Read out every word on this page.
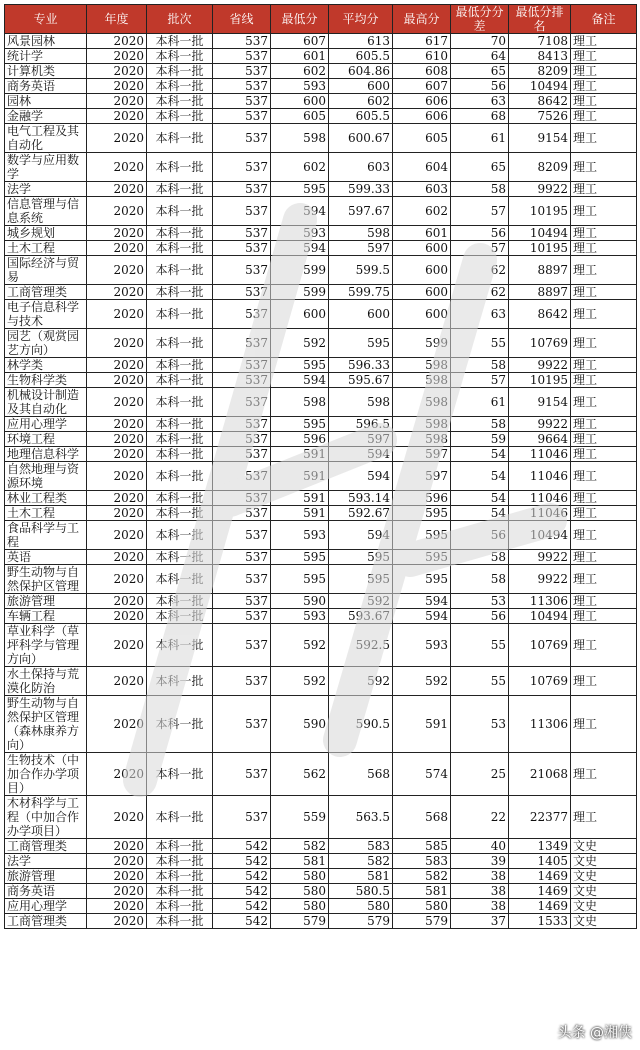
专业	年度	批次	省线	最低分	平均分	最高分	最低分分差	最低分排名	备注
风景园林	2020	本科一批	537	607	613	617	70	7108	理工
统计学	2020	本科一批	537	601	605.5	610	64	8413	理工
计算机类	2020	本科一批	537	602	604.86	608	65	8209	理工
商务英语	2020	本科一批	537	593	600	607	56	10494	理工
园林	2020	本科一批	537	600	602	606	63	8642	理工
金融学	2020	本科一批	537	605	605.5	606	68	7526	理工
电气工程及其自动化	2020	本科一批	537	598	600.67	605	61	9154	理工
数学与应用数学	2020	本科一批	537	602	603	604	65	8209	理工
法学	2020	本科一批	537	595	599.33	603	58	9922	理工
信息管理与信息系统	2020	本科一批	537	594	597.67	602	57	10195	理工
城乡规划	2020	本科一批	537	593	598	601	56	10494	理工
土木工程	2020	本科一批	537	594	597	600	57	10195	理工
国际经济与贸易	2020	本科一批	537	599	599.5	600	62	8897	理工
工商管理类	2020	本科一批	537	599	599.75	600	62	8897	理工
电子信息科学与技术	2020	本科一批	537	600	600	600	63	8642	理工
园艺（观赏园艺方向）	2020	本科一批	537	592	595	599	55	10769	理工
林学类	2020	本科一批	537	595	596.33	598	58	9922	理工
生物科学类	2020	本科一批	537	594	595.67	598	57	10195	理工
机械设计制造及其自动化	2020	本科一批	537	598	598	598	61	9154	理工
应用心理学	2020	本科一批	537	595	596.5	598	58	9922	理工
环境工程	2020	本科一批	537	596	597	598	59	9664	理工
地理信息科学	2020	本科一批	537	591	594	597	54	11046	理工
自然地理与资源环境	2020	本科一批	537	591	594	597	54	11046	理工
林业工程类	2020	本科一批	537	591	593.14	596	54	11046	理工
土木工程	2020	本科一批	537	591	592.67	595	54	11046	理工
食品科学与工程	2020	本科一批	537	593	594	595	56	10494	理工
英语	2020	本科一批	537	595	595	595	58	9922	理工
野生动物与自然保护区管理	2020	本科一批	537	595	595	595	58	9922	理工
旅游管理	2020	本科一批	537	590	592	594	53	11306	理工
车辆工程	2020	本科一批	537	593	593.67	594	56	10494	理工
草业科学（草坪科学与管理方向）	2020	本科一批	537	592	592.5	593	55	10769	理工
水土保持与荒漠化防治	2020	本科一批	537	592	592	592	55	10769	理工
野生动物与自然保护区管理（森林康养方向）	2020	本科一批	537	590	590.5	591	53	11306	理工
生物技术（中加合作办学项目）	2020	本科一批	537	562	568	574	25	21068	理工
木材科学与工程（中加合作办学项目）	2020	本科一批	537	559	563.5	568	22	22377	理工
工商管理类	2020	本科一批	542	582	583	585	40	1349	文史
法学	2020	本科一批	542	581	582	583	39	1405	文史
旅游管理	2020	本科一批	542	580	581	582	38	1469	文史
商务英语	2020	本科一批	542	580	580.5	581	38	1469	文史
应用心理学	2020	本科一批	542	580	580	580	38	1469	文史
工商管理类	2020	本科一批	542	579	579	579	37	1533	文史
头条 @湘侠
